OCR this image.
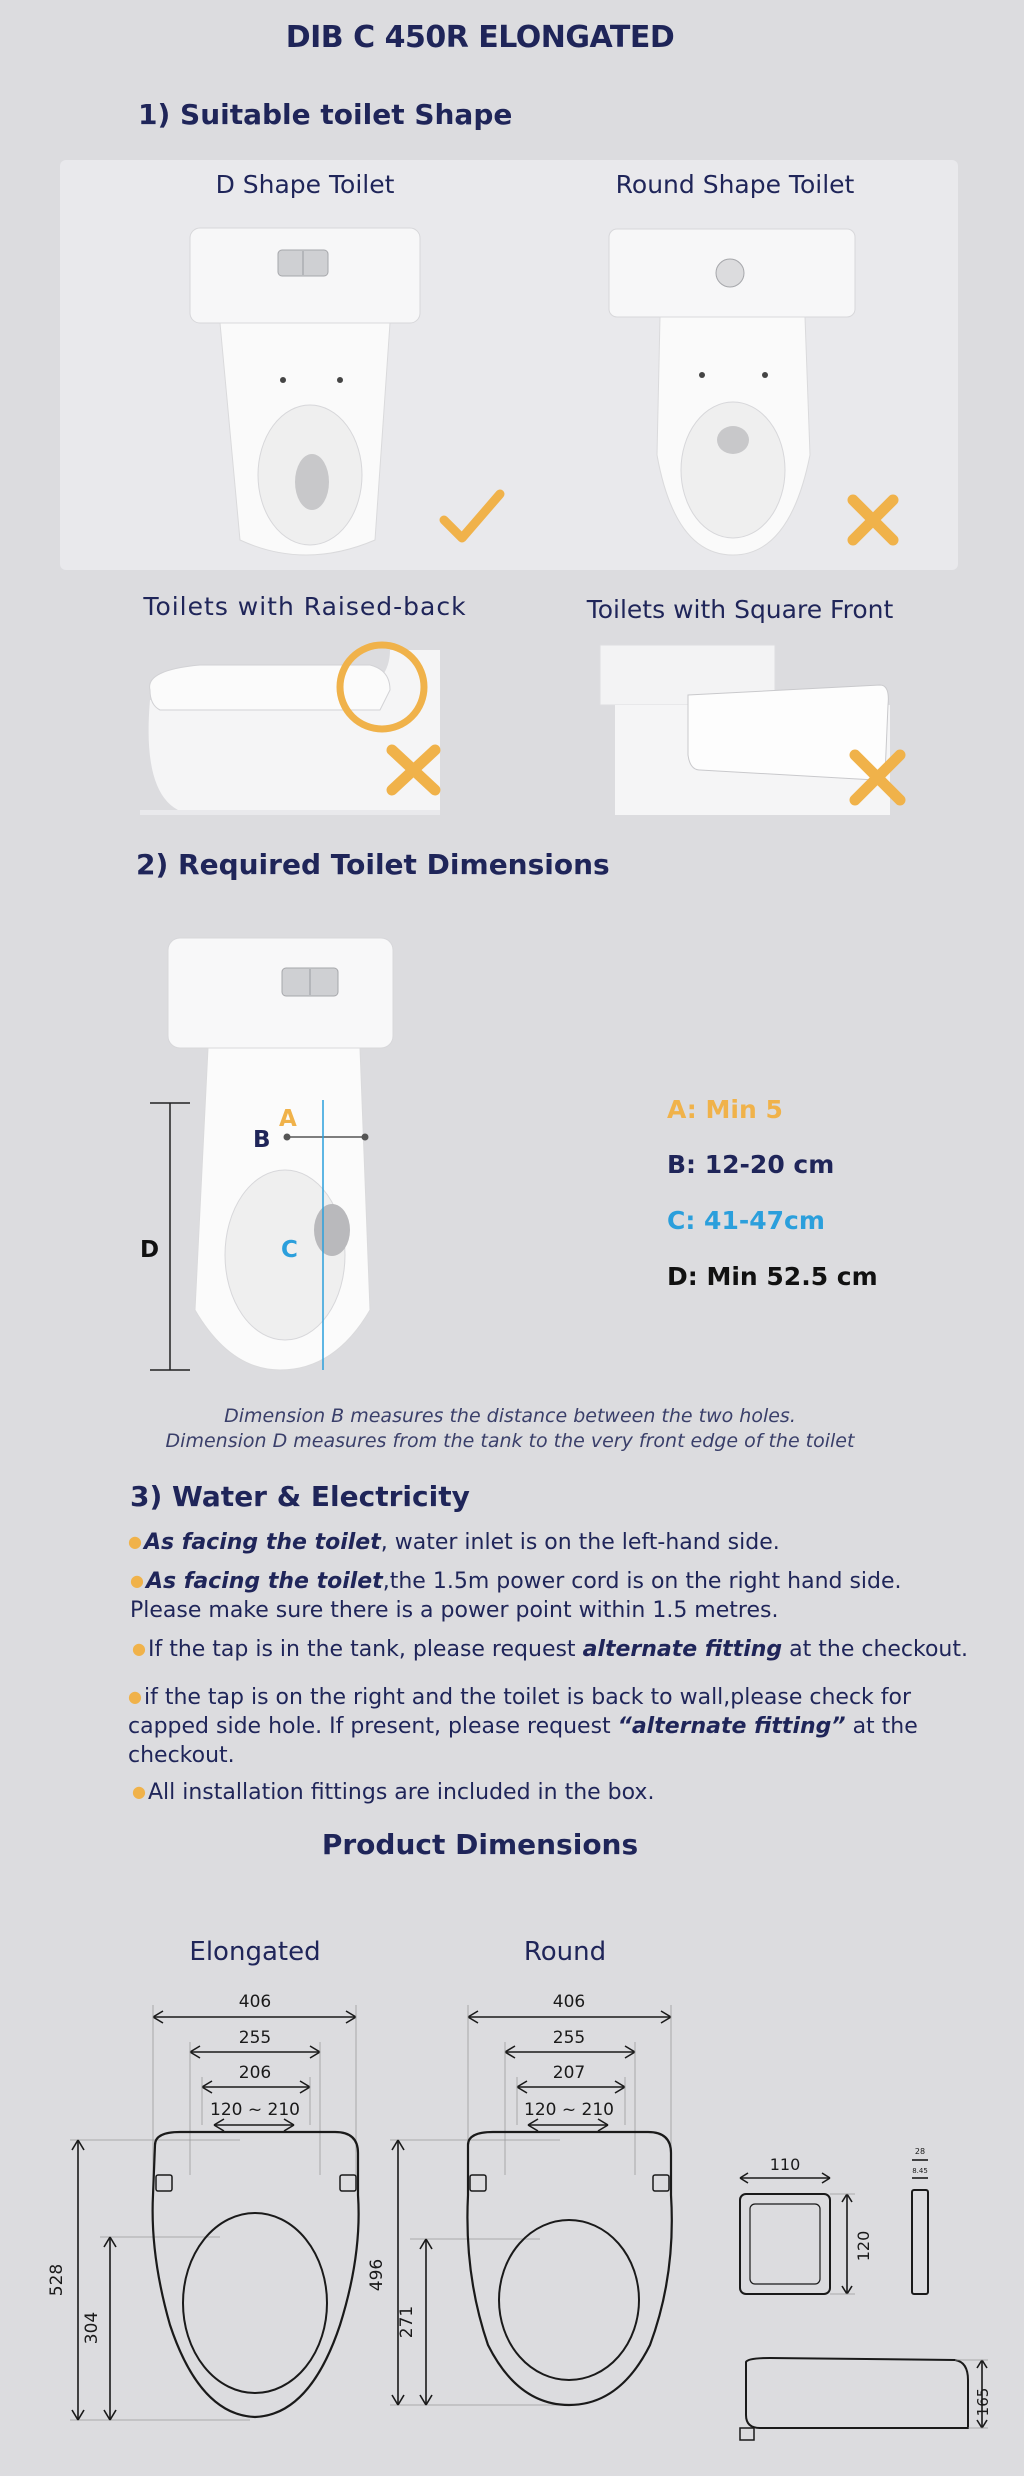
DIB C 450R ELONGATED
1) Suitable toilet Shape
D Shape Toilet	Round Shape Toilet
Toilets with Raised-back	Toilets with Square Front
2) Required Toilet Dimensions
A
B
C
D
A: Min 5
B: 12-20 cm
C: 41-47cm
D: Min 52.5 cm
Dimension B measures the distance between the two holes.
Dimension D measures from the tank to the very front edge of the toilet
3) Water & Electricity
●As facing the toilet, water inlet is on the left-hand side.
●As facing the toilet,the 1.5m power cord is on the right hand side.
Please make sure there is a power point within 1.5 metres.
●If the tap is in the tank, please request alternate fitting at the checkout.
●if the tap is on the right and the toilet is back to wall,please check for
capped side hole. If present, please request “alternate fitting” at the
checkout.
●All installation fittings are included in the box.
Product Dimensions
Elongated	Round
406
255
206
120 ~ 210
528
304
406
255
207
120 ~ 210
496
271
110
120
28
8.45
165
